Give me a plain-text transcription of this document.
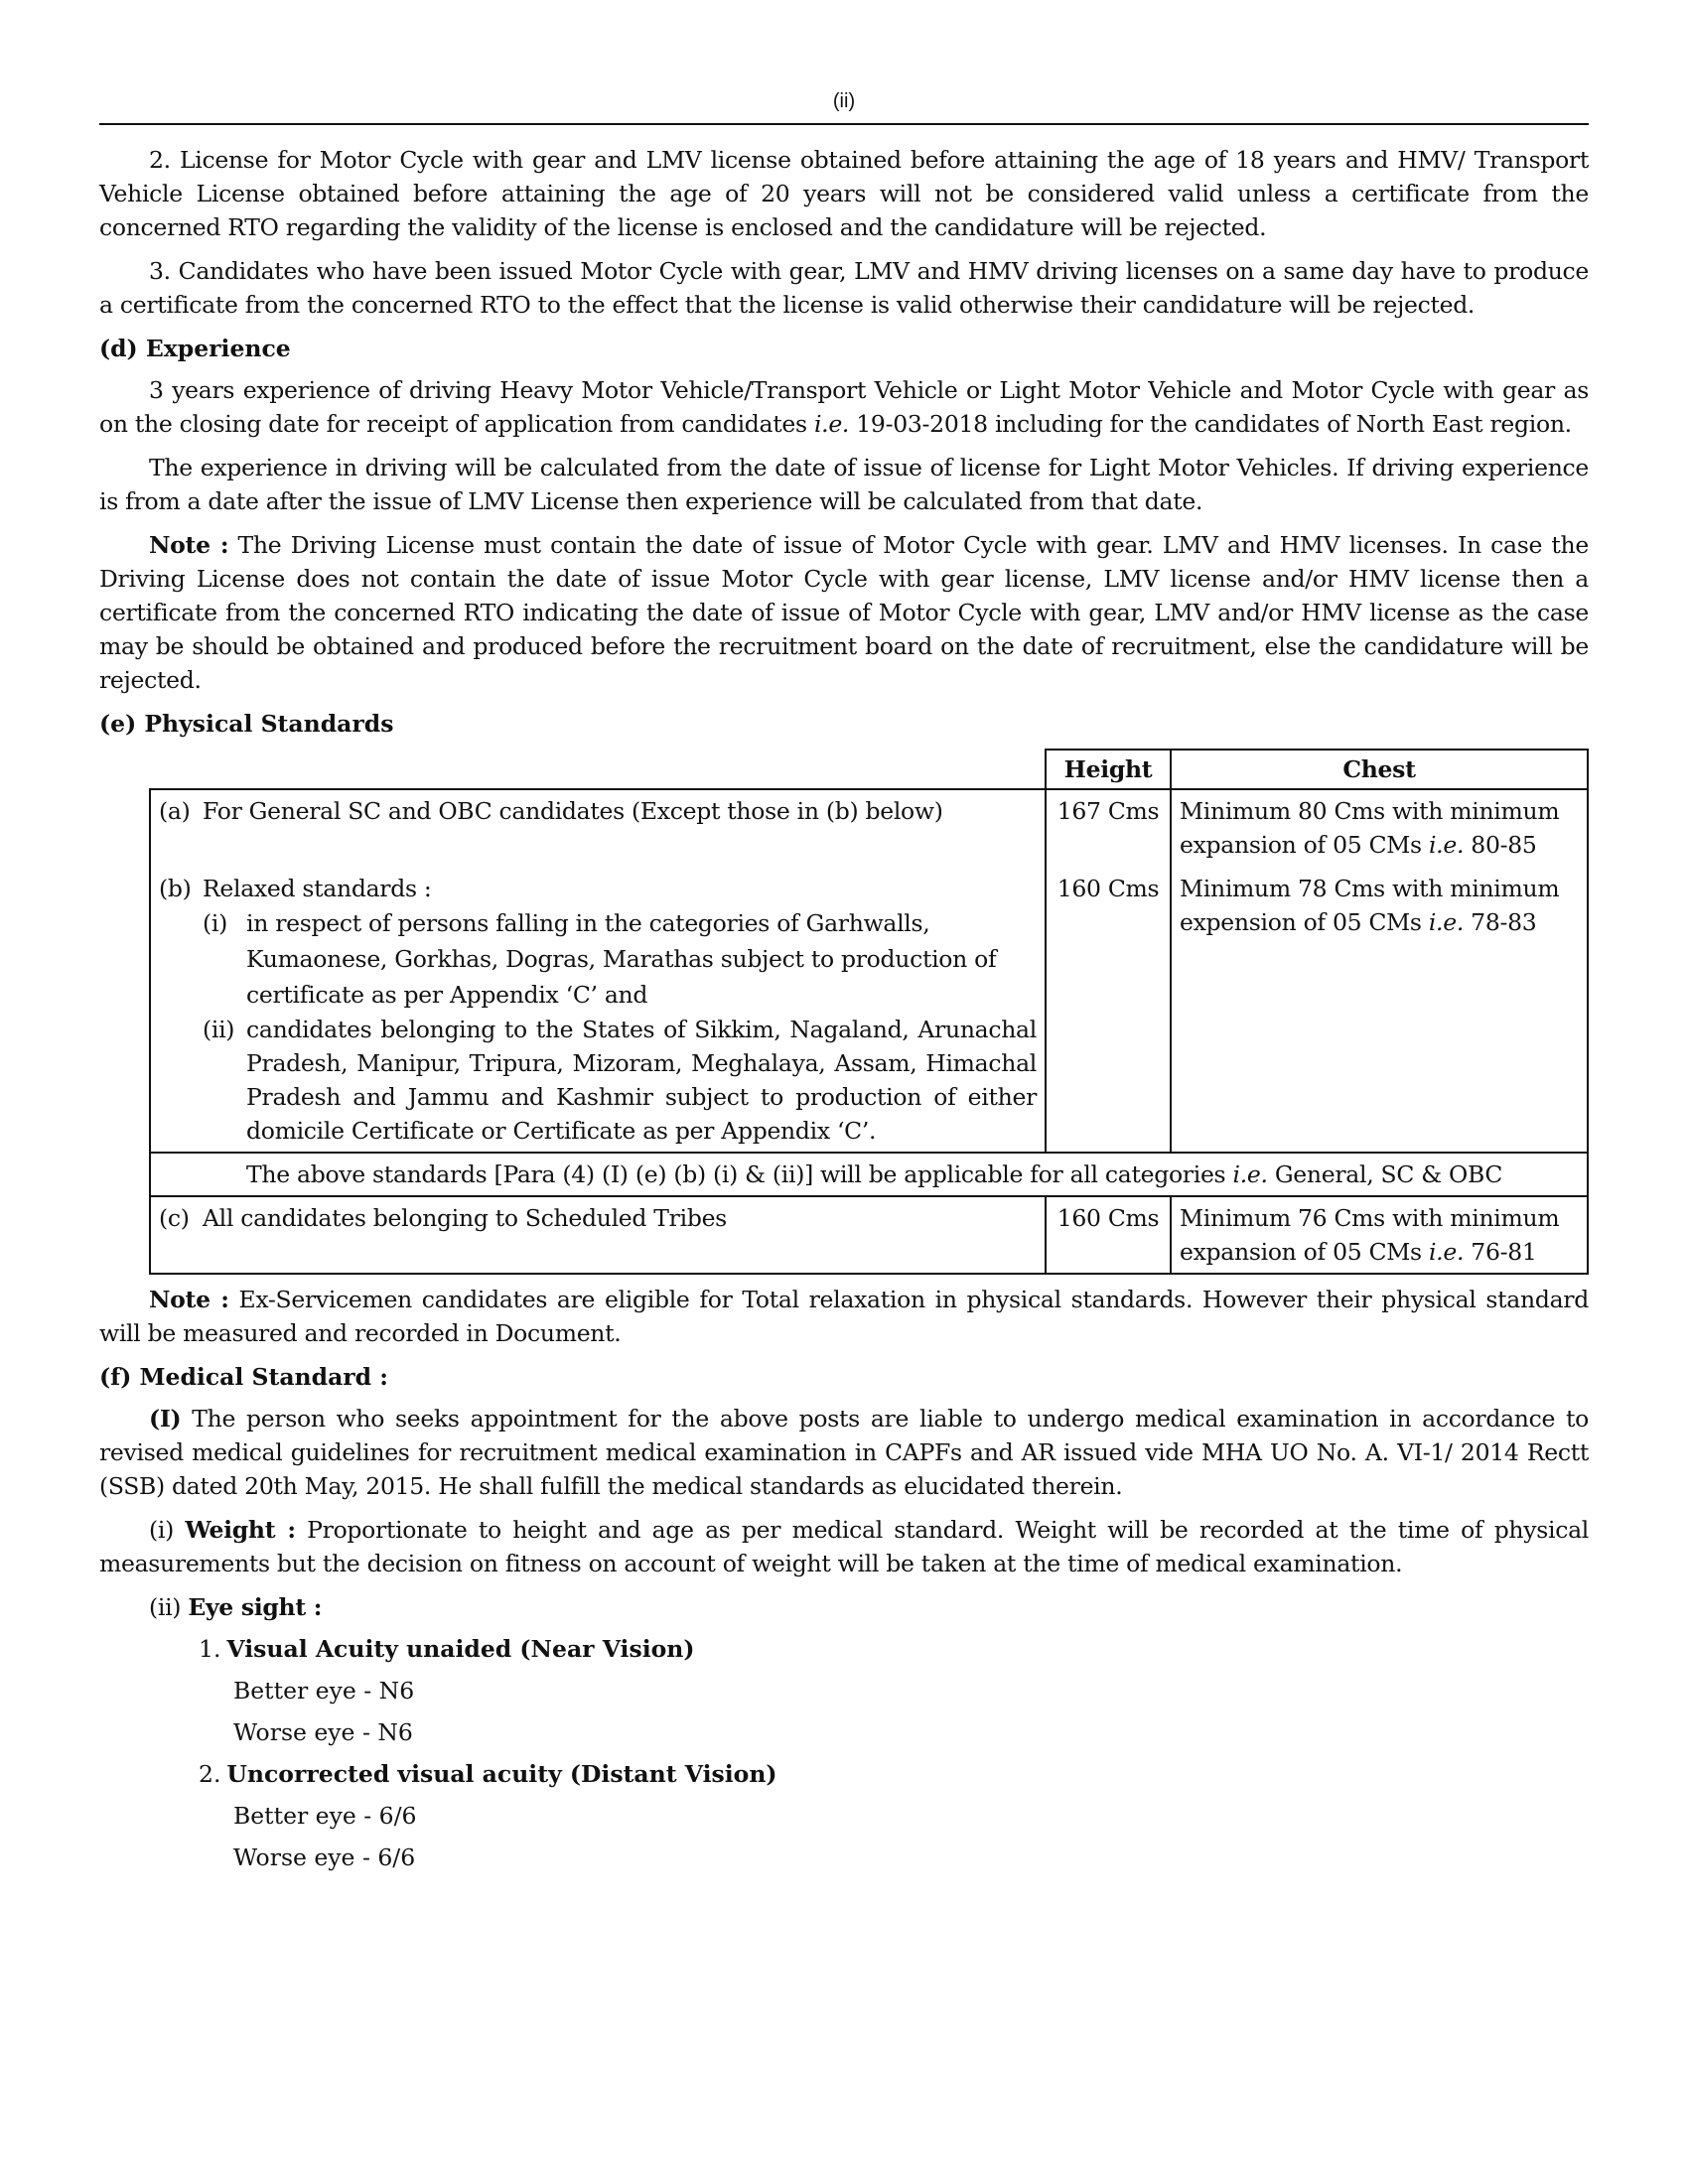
(ii)

2. License for Motor Cycle with gear and LMV license obtained before attaining the age of 18 years and HMV/ Transport Vehicle License obtained before attaining the age of 20 years will not be considered valid unless a certificate from the concerned RTO regarding the validity of the license is enclosed and the candidature will be rejected.

3. Candidates who have been issued Motor Cycle with gear, LMV and HMV driving licenses on a same day have to produce a certificate from the concerned RTO to the effect that the license is valid otherwise their candidature will be rejected.

(d) Experience

3 years experience of driving Heavy Motor Vehicle/Transport Vehicle or Light Motor Vehicle and Motor Cycle with gear as on the closing date for receipt of application from candidates i.e. 19-03-2018 including for the candidates of North East region.

The experience in driving will be calculated from the date of issue of license for Light Motor Vehicles. If driving experience is from a date after the issue of LMV License then experience will be calculated from that date.

Note : The Driving License must contain the date of issue of Motor Cycle with gear. LMV and HMV licenses. In case the Driving License does not contain the date of issue Motor Cycle with gear license, LMV license and/or HMV license then a certificate from the concerned RTO indicating the date of issue of Motor Cycle with gear, LMV and/or HMV license as the case may be should be obtained and produced before the recruitment board on the date of recruitment, else the candidature will be rejected.

(e) Physical Standards
	Height	Chest
(a) For General SC and OBC candidates (Except those in (b) below)	167 Cms	Minimum 80 Cms with minimum expansion of 05 CMs i.e. 80-85

(b) Relaxed standards :
(i) in respect of persons falling in the categories of Garhwalls, Kumaonese, Gorkhas, Dogras, Marathas subject to production of certificate as per Appendix ‘C’ and
(ii) candidates belonging to the States of Sikkim, Nagaland, Arunachal Pradesh, Manipur, Tripura, Mizoram, Meghalaya, Assam, Himachal Pradesh and Jammu and Kashmir subject to production of either domicile Certificate or Certificate as per Appendix ‘C’.	160 Cms	Minimum 78 Cms with minimum expension of 05 CMs i.e. 78-83
The above standards [Para (4) (I) (e) (b) (i) & (ii)] will be applicable for all categories i.e. General, SC & OBC		
(c) All candidates belonging to Scheduled Tribes	160 Cms	Minimum 76 Cms with minimum expansion of 05 CMs i.e. 76-81

Note : Ex-Servicemen candidates are eligible for Total relaxation in physical standards. However their physical standard will be measured and recorded in Document.

(f) Medical Standard :

(I) The person who seeks appointment for the above posts are liable to undergo medical examination in accordance to revised medical guidelines for recruitment medical examination in CAPFs and AR issued vide MHA UO No. A. VI-1/ 2014 Rectt (SSB) dated 20th May, 2015. He shall fulfill the medical standards as elucidated therein.

(i) Weight : Proportionate to height and age as per medical standard. Weight will be recorded at the time of physical measurements but the decision on fitness on account of weight will be taken at the time of medical examination.

(ii) Eye sight :

1. Visual Acuity unaided (Near Vision)
Better eye - N6
Worse eye - N6
2. Uncorrected visual acuity (Distant Vision)
Better eye - 6/6
Worse eye - 6/6
